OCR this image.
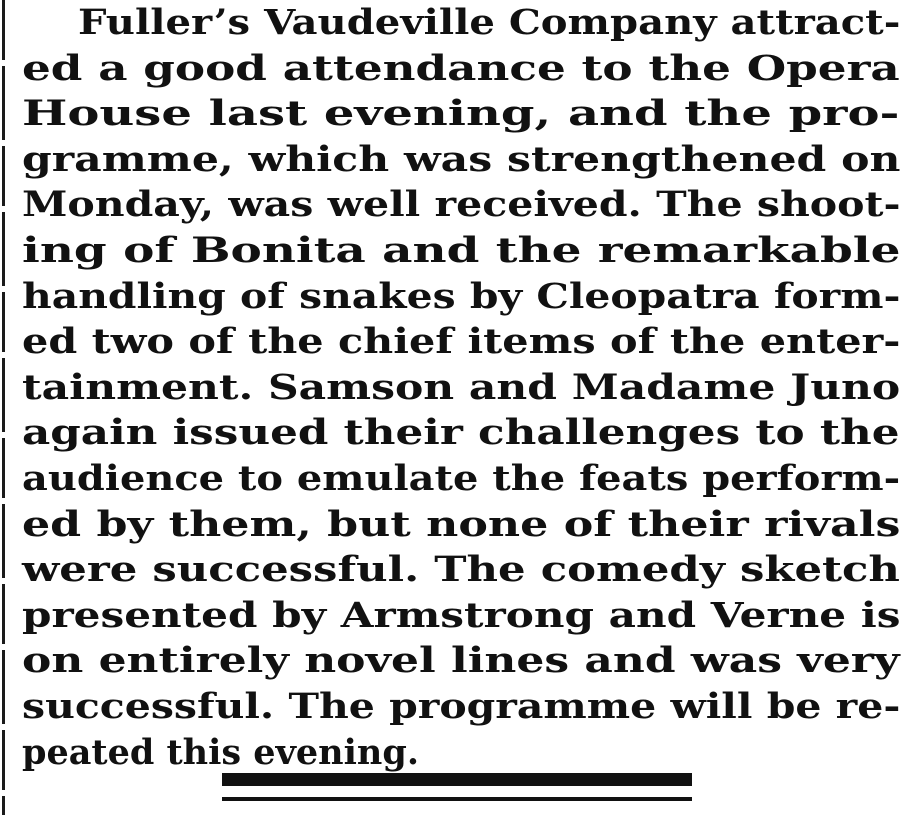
Fuller’s Vaudeville Company attract-
ed a good attendance to the Opera
House last evening, and the pro-
gramme, which was strengthened on
Monday, was well received. The shoot-
ing of Bonita and the remarkable
handling of snakes by Cleopatra form-
ed two of the chief items of the enter-
tainment. Samson and Madame Juno
again issued their challenges to the
audience to emulate the feats perform-
ed by them, but none of their rivals
were successful. The comedy sketch
presented by Armstrong and Verne is
on entirely novel lines and was very
successful. The programme will be re-
peated this evening.
